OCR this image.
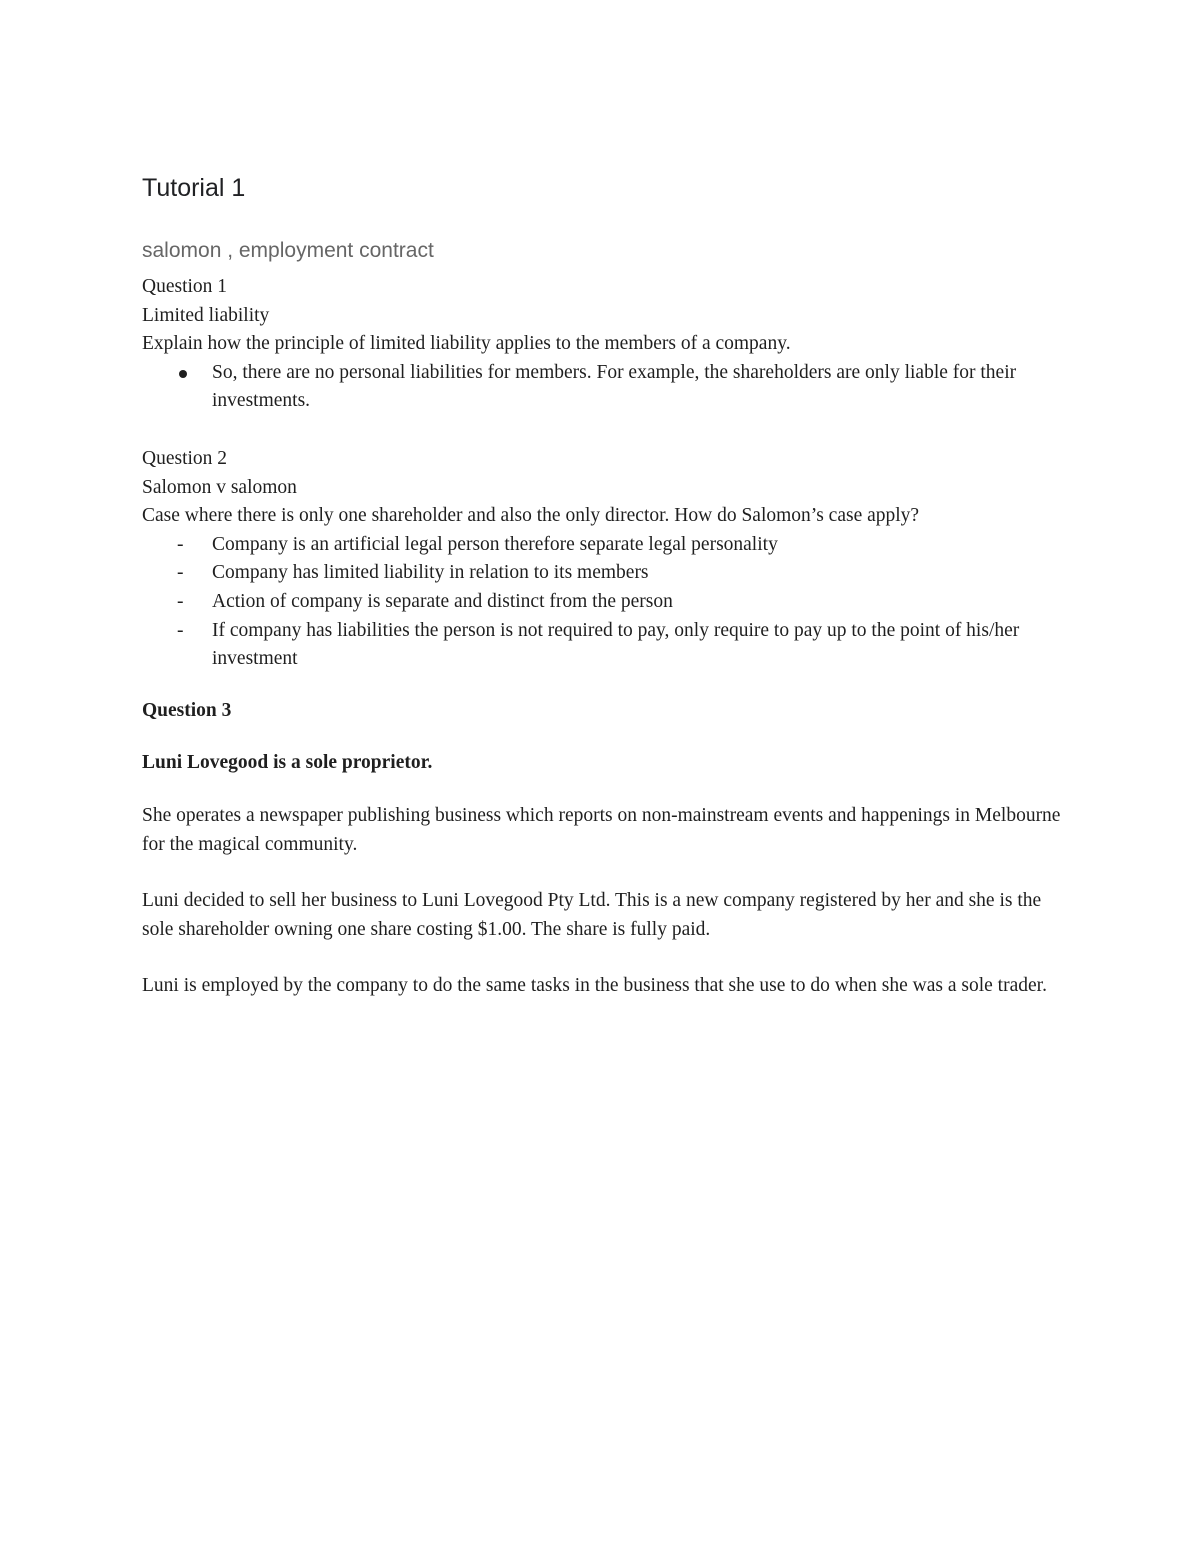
Tutorial 1
salomon , employment contract

Question 1

Limited liability

Explain how the principle of limited liability applies to the members of a company.

So, there are no personal liabilities for members. For example, the shareholders are only liable for their investments.

Question 2

Salomon v salomon

Case where there is only one shareholder and also the only director. How do Salomon’s case apply?

- Company is an artificial legal person therefore separate legal personality
- Company has limited liability in relation to its members
- Action of company is separate and distinct from the person
- If company has liabilities the person is not required to pay, only require to pay up to the point of his/her investment

Question 3

Luni Lovegood is a sole proprietor.

She operates a newspaper publishing business which reports on non-mainstream events and happenings in Melbourne for the magical community.

Luni decided to sell her business to Luni Lovegood Pty Ltd. This is a new company registered by her and she is the sole shareholder owning one share costing $1.00. The share is fully paid.

Luni is employed by the company to do the same tasks in the business that she use to do when she was a sole trader.
